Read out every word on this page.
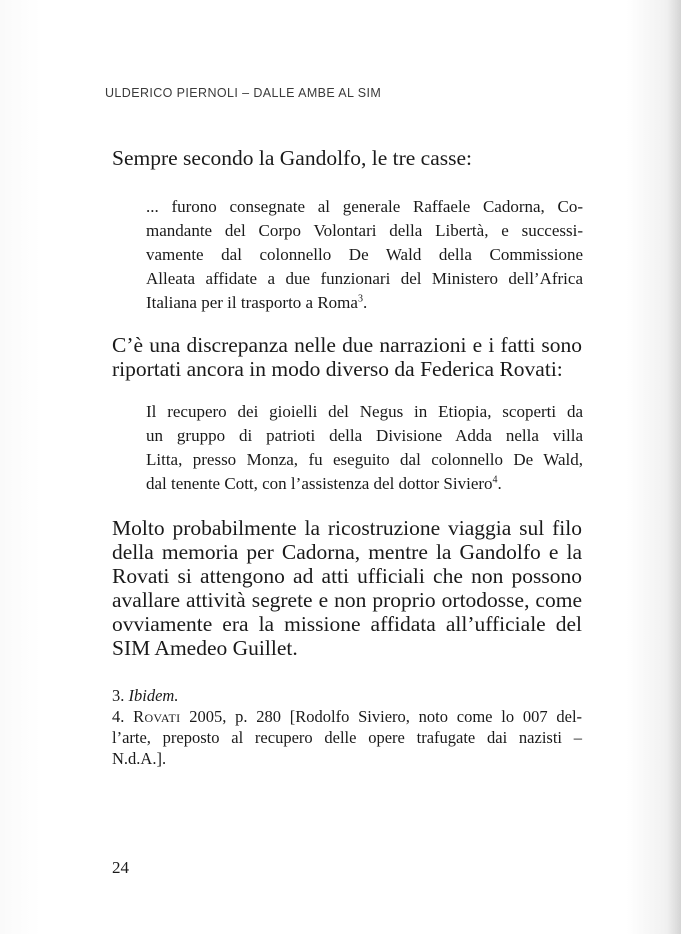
ULDERICO PIERNOLI – DALLE AMBE AL SIM

Sempre secondo la Gandolfo, le tre casse:

... furono consegnate al generale Raffaele Cadorna, Co-
mandante del Corpo Volontari della Libertà, e successi-
vamente dal colonnello De Wald della Commissione
Alleata affidate a due funzionari del Ministero dell’Africa
Italiana per il trasporto a Roma$^3$.

C’è una discrepanza nelle due narrazioni e i fatti sono
riportati ancora in modo diverso da Federica Rovati:

Il recupero dei gioielli del Negus in Etiopia, scoperti da
un gruppo di patrioti della Divisione Adda nella villa
Litta, presso Monza, fu eseguito dal colonnello De Wald,
dal tenente Cott, con l’assistenza del dottor Siviero$^4$.

Molto probabilmente la ricostruzione viaggia sul filo
della memoria per Cadorna, mentre la Gandolfo e la
Rovati si attengono ad atti ufficiali che non possono
avallare attività segrete e non proprio ortodosse, come
ovviamente era la missione affidata all’ufficiale del
SIM Amedeo Guillet.

3. Ibidem.
4. Rovati 2005, p. 280 [Rodolfo Siviero, noto come lo 007 del-
l’arte, preposto al recupero delle opere trafugate dai nazisti –
N.d.A.].
24
